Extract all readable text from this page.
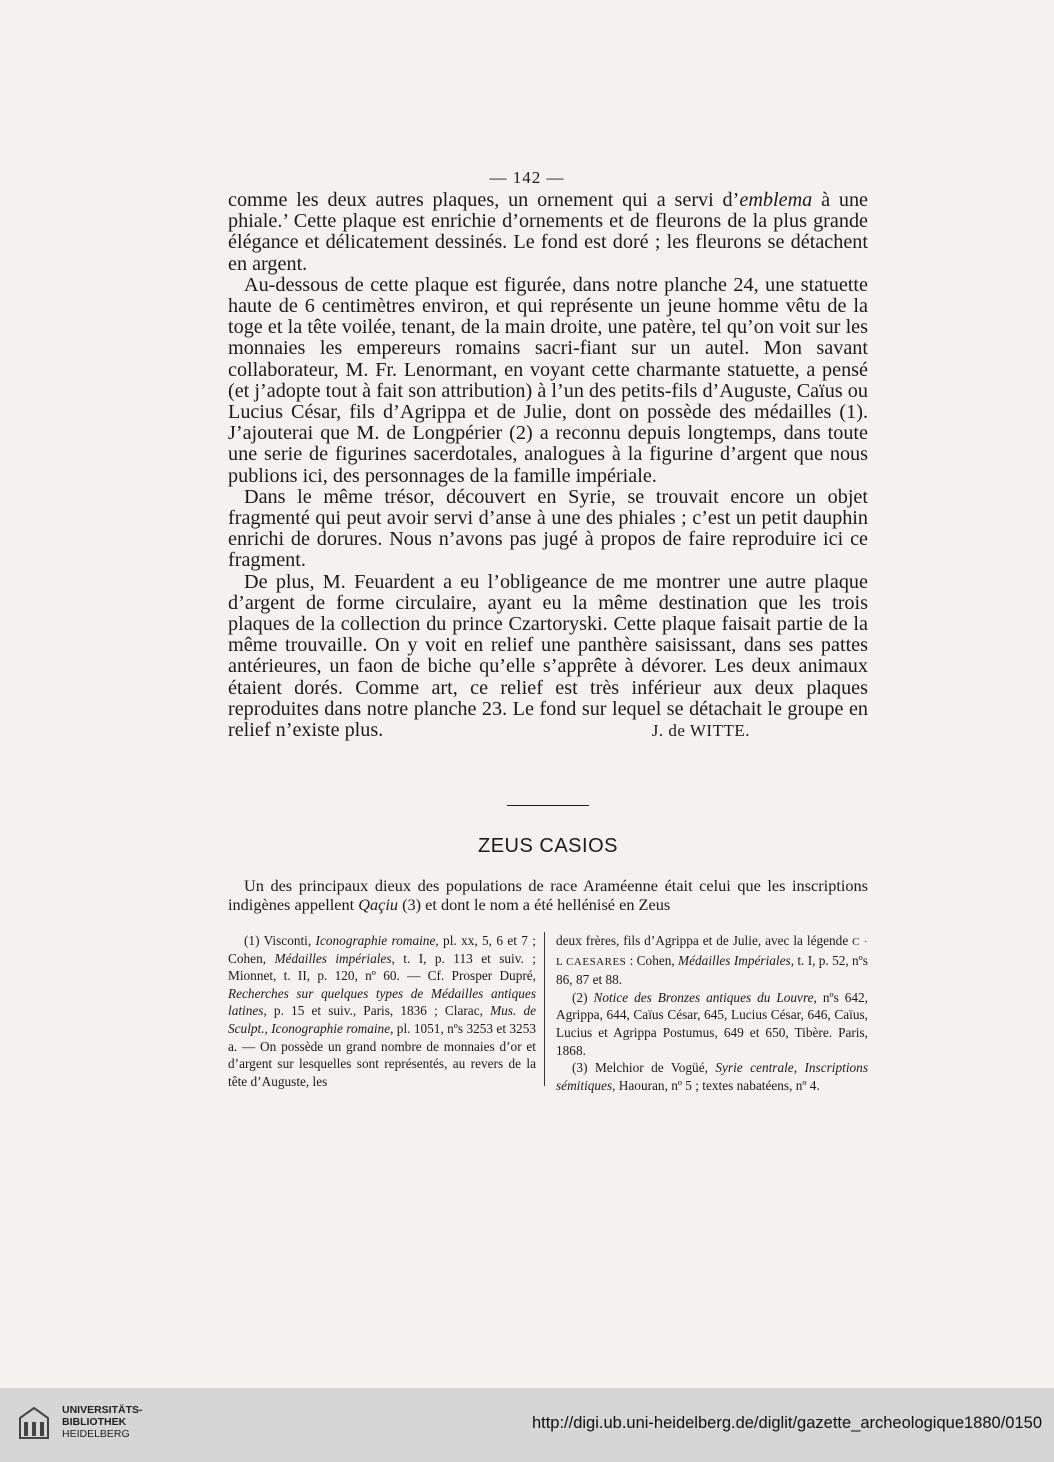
— 142 —

comme les deux autres plaques, un ornement qui a servi d’emblema à une phiale.’ Cette plaque est enrichie d’ornements et de fleurons de la plus grande élégance et délicatement dessinés. Le fond est doré ; les fleurons se détachent en argent.

Au-dessous de cette plaque est figurée, dans notre planche 24, une statuette haute de 6 centimètres environ, et qui représente un jeune homme vêtu de la toge et la tête voilée, tenant, de la main droite, une patère, tel qu’on voit sur les monnaies les empereurs romains sacri-fiant sur un autel. Mon savant collaborateur, M. Fr. Lenormant, en voyant cette charmante statuette, a pensé (et j’adopte tout à fait son attribution) à l’un des petits-fils d’Auguste, Caïus ou Lucius César, fils d’Agrippa et de Julie, dont on possède des médailles (1). J’ajouterai que M. de Longpérier (2) a reconnu depuis longtemps, dans toute une serie de figurines sacerdotales, analogues à la figurine d’argent que nous publions ici, des personnages de la famille impériale.

Dans le même trésor, découvert en Syrie, se trouvait encore un objet fragmenté qui peut avoir servi d’anse à une des phiales ; c’est un petit dauphin enrichi de dorures. Nous n’avons pas jugé à propos de faire reproduire ici ce fragment.

De plus, M. Feuardent a eu l’obligeance de me montrer une autre plaque d’argent de forme circulaire, ayant eu la même destination que les trois plaques de la collection du prince Czartoryski. Cette plaque faisait partie de la même trouvaille. On y voit en relief une panthère saisissant, dans ses pattes antérieures, un faon de biche qu’elle s’apprête à dévorer. Les deux animaux étaient dorés. Comme art, ce relief est très inférieur aux deux plaques reproduites dans notre planche 23. Le fond sur lequel se détachait le groupe en relief n’existe plus.	J. de WITTE.

ZEUS CASIOS

Un des principaux dieux des populations de race Araméenne était celui que les inscriptions indigènes appellent Qaçiu (3) et dont le nom a été hellénisé en Zeus

(1) Visconti, Iconographie romaine, pl. xx, 5, 6 et 7 ; Cohen, Médailles impériales, t. I, p. 113 et suiv. ; Mionnet, t. II, p. 120, nº 60. — Cf. Prosper Dupré, Recherches sur quelques types de Médailles antiques latines, p. 15 et suiv., Paris, 1836 ; Clarac, Mus. de Sculpt., Iconographie romaine, pl. 1051, nºs 3253 et 3253 a. — On possède un grand nombre de monnaies d’or et d’argent sur lesquelles sont représentés, au revers de la tête d’Auguste, les

deux frères, fils d’Agrippa et de Julie, avec la légende C · L CAESARES : Cohen, Médailles Impériales, t. I, p. 52, nºs 86, 87 et 88.

(2) Notice des Bronzes antiques du Louvre, nºs 642, Agrippa, 644, Caïus César, 645, Lucius César, 646, Caïus, Lucius et Agrippa Postumus, 649 et 650, Tibère. Paris, 1868.

(3) Melchior de Vogüé, Syrie centrale, Inscriptions sémitiques, Haouran, nº 5 ; textes nabatéens, nº 4.

UNIVERSITÄTS-
BIBLIOTHEK
HEIDELBERG
http://digi.ub.uni-heidelberg.de/diglit/gazette_archeologique1880/0150
